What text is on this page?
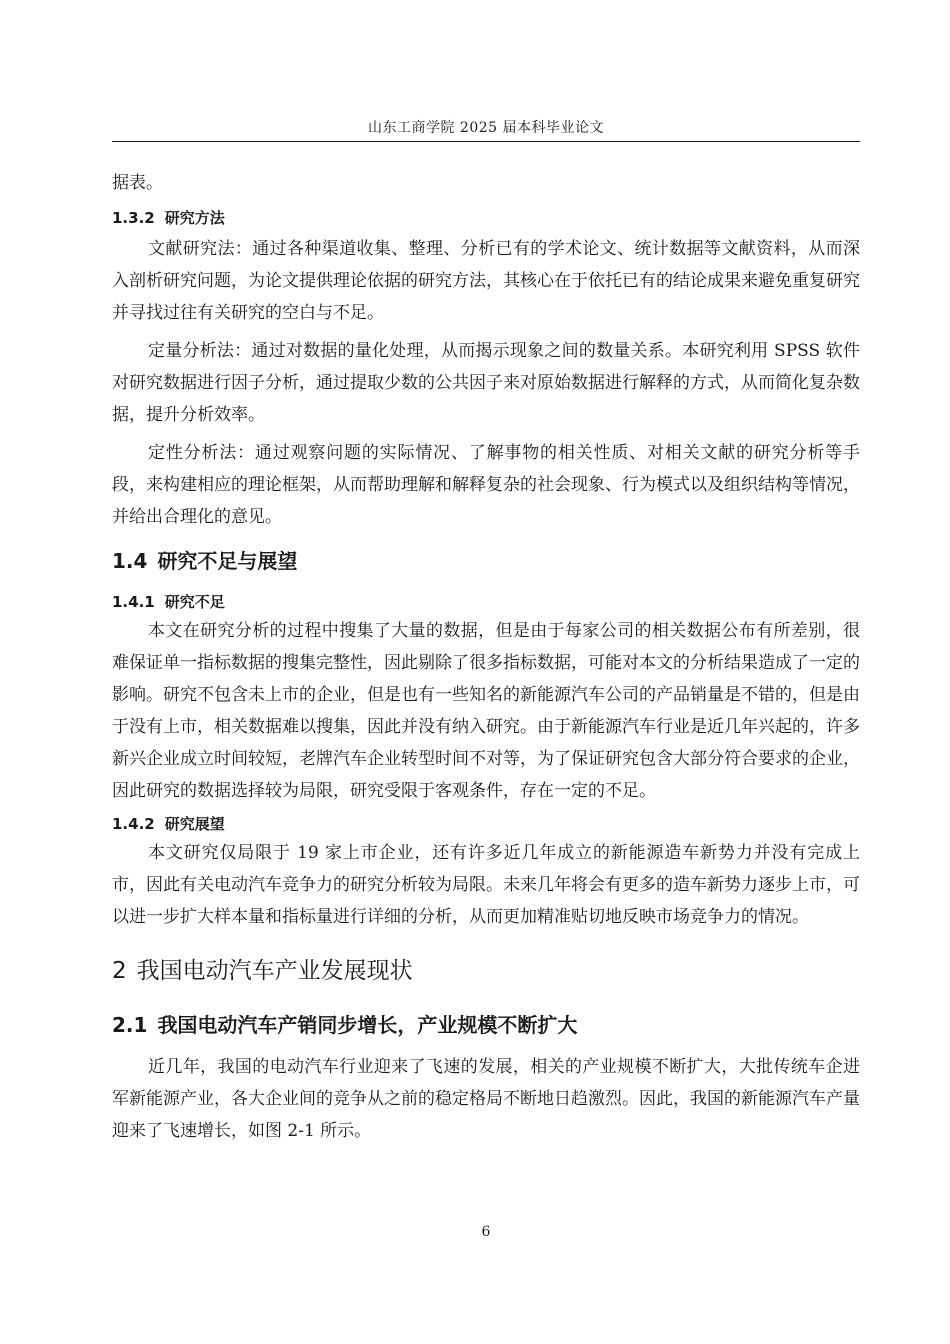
山东工商学院 2025 届本科毕业论文

据表。

1.3.2 研究方法

文献研究法：通过各种渠道收集、整理、分析已有的学术论文、统计数据等文献资料，从而深入剖析研究问题，为论文提供理论依据的研究方法，其核心在于依托已有的结论成果来避免重复研究并寻找过往有关研究的空白与不足。

定量分析法：通过对数据的量化处理，从而揭示现象之间的数量关系。本研究利用 SPSS 软件对研究数据进行因子分析，通过提取少数的公共因子来对原始数据进行解释的方式，从而简化复杂数据，提升分析效率。

定性分析法：通过观察问题的实际情况、了解事物的相关性质、对相关文献的研究分析等手段，来构建相应的理论框架，从而帮助理解和解释复杂的社会现象、行为模式以及组织结构等情况，并给出合理化的意见。

1.4 研究不足与展望
1.4.1 研究不足

本文在研究分析的过程中搜集了大量的数据，但是由于每家公司的相关数据公布有所差别，很难保证单一指标数据的搜集完整性，因此剔除了很多指标数据，可能对本文的分析结果造成了一定的影响。研究不包含未上市的企业，但是也有一些知名的新能源汽车公司的产品销量是不错的，但是由于没有上市，相关数据难以搜集，因此并没有纳入研究。由于新能源汽车行业是近几年兴起的，许多新兴企业成立时间较短，老牌汽车企业转型时间不对等，为了保证研究包含大部分符合要求的企业，因此研究的数据选择较为局限，研究受限于客观条件，存在一定的不足。

1.4.2 研究展望

本文研究仅局限于 19 家上市企业，还有许多近几年成立的新能源造车新势力并没有完成上市，因此有关电动汽车竞争力的研究分析较为局限。未来几年将会有更多的造车新势力逐步上市，可以进一步扩大样本量和指标量进行详细的分析，从而更加精准贴切地反映市场竞争力的情况。

2 我国电动汽车产业发展现状
2.1 我国电动汽车产销同步增长，产业规模不断扩大

近几年，我国的电动汽车行业迎来了飞速的发展，相关的产业规模不断扩大，大批传统车企进军新能源产业，各大企业间的竞争从之前的稳定格局不断地日趋激烈。因此，我国的新能源汽车产量迎来了飞速增长，如图 2-1 所示。

6
